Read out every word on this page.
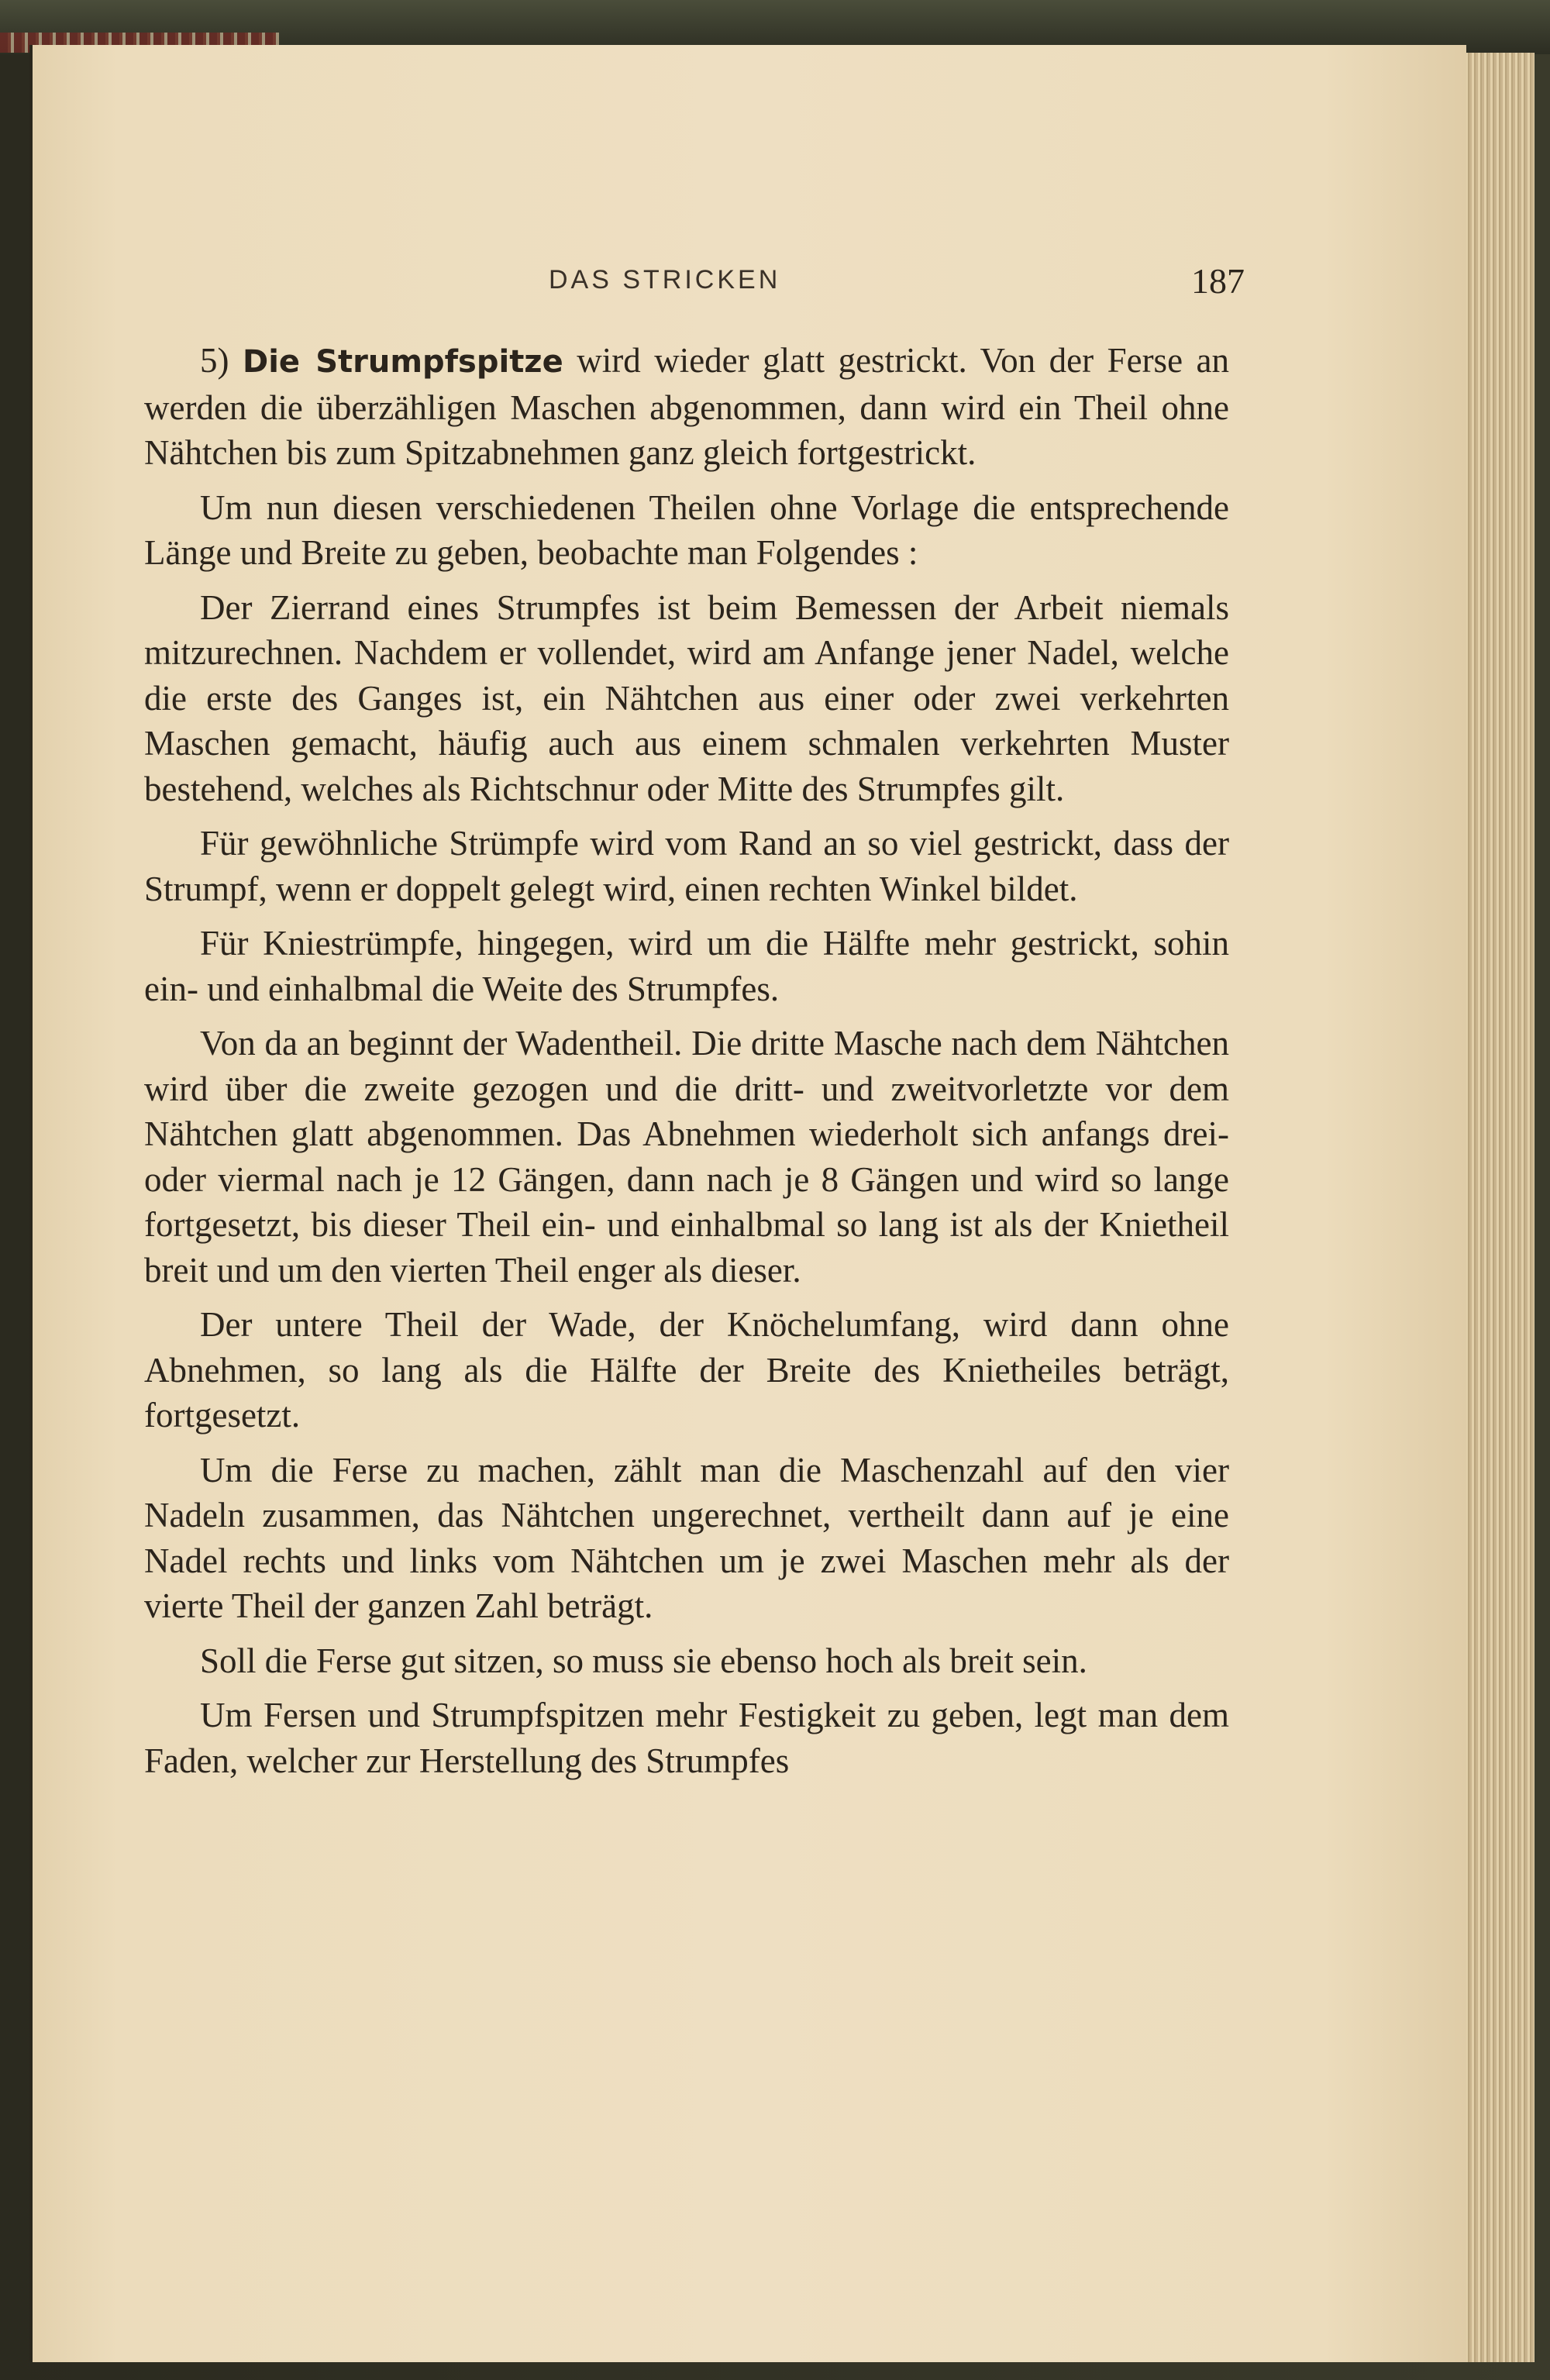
DAS STRICKEN	187

5) Die Strumpfspitze wird wieder glatt gestrickt. Von der Ferse an werden die überzähligen Maschen abgenommen, dann wird ein Theil ohne Nähtchen bis zum Spitzabnehmen ganz gleich fortgestrickt.

Um nun diesen verschiedenen Theilen ohne Vorlage die entsprechende Länge und Breite zu geben, beobachte man Folgendes :

Der Zierrand eines Strumpfes ist beim Bemessen der Arbeit niemals mitzurechnen. Nachdem er vollendet, wird am Anfange jener Nadel, welche die erste des Ganges ist, ein Nähtchen aus einer oder zwei verkehrten Maschen gemacht, häufig auch aus einem schmalen verkehrten Muster bestehend, welches als Richtschnur oder Mitte des Strumpfes gilt.

Für gewöhnliche Strümpfe wird vom Rand an so viel gestrickt, dass der Strumpf, wenn er doppelt gelegt wird, einen rechten Winkel bildet.

Für Kniestrümpfe, hingegen, wird um die Hälfte mehr gestrickt, sohin ein- und einhalbmal die Weite des Strumpfes.

Von da an beginnt der Wadentheil. Die dritte Masche nach dem Nähtchen wird über die zweite gezogen und die dritt- und zweitvorletzte vor dem Nähtchen glatt abgenommen. Das Abnehmen wiederholt sich anfangs drei- oder viermal nach je 12 Gängen, dann nach je 8 Gängen und wird so lange fortgesetzt, bis dieser Theil ein- und einhalbmal so lang ist als der Knietheil breit und um den vierten Theil enger als dieser.

Der untere Theil der Wade, der Knöchelumfang, wird dann ohne Abnehmen, so lang als die Hälfte der Breite des Knietheiles beträgt, fortgesetzt.

Um die Ferse zu machen, zählt man die Maschenzahl auf den vier Nadeln zusammen, das Nähtchen ungerechnet, vertheilt dann auf je eine Nadel rechts und links vom Nähtchen um je zwei Maschen mehr als der vierte Theil der ganzen Zahl beträgt.

Soll die Ferse gut sitzen, so muss sie ebenso hoch als breit sein.

Um Fersen und Strumpfspitzen mehr Festigkeit zu geben, legt man dem Faden, welcher zur Herstellung des Strumpfes
